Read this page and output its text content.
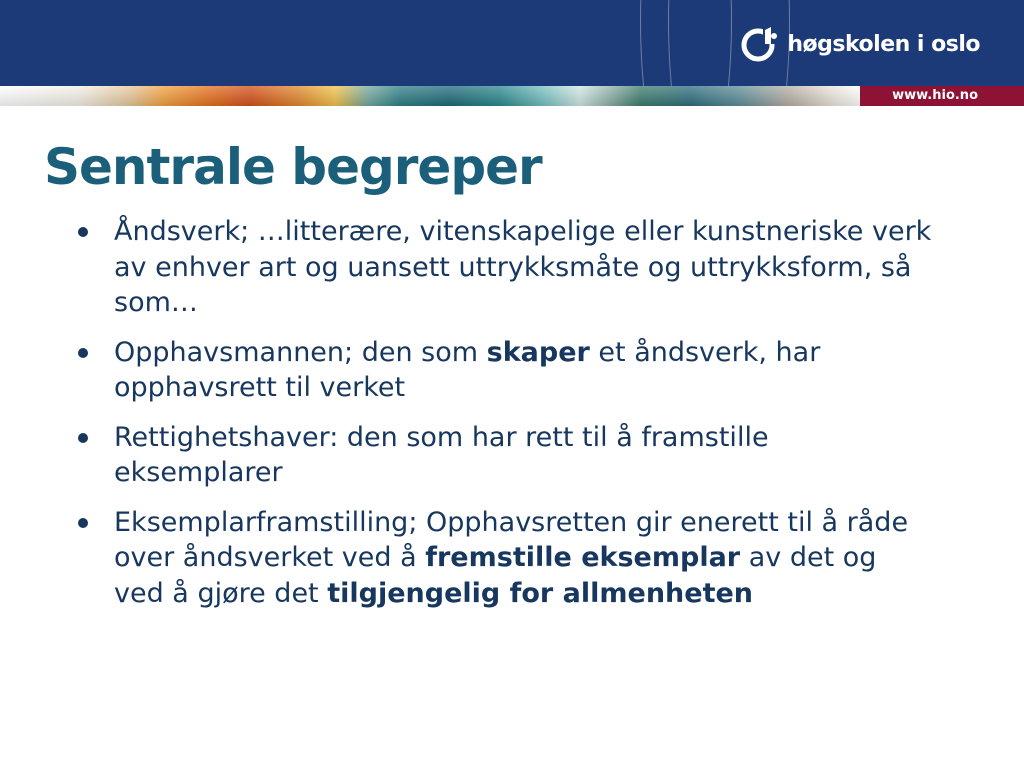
høgskolen i oslo
www.hio.no
Sentrale begreper
Åndsverk; …litterære, vitenskapelige eller kunstneriske verk av enhver art og uansett uttrykksmåte og uttrykksform, så som…
Opphavsmannen; den som skaper et åndsverk, har opphavsrett til verket
Rettighetshaver: den som har rett til å framstille eksemplarer
Eksemplarframstilling; Opphavsretten gir enerett til å råde over åndsverket ved å fremstille eksemplar av det og ved å gjøre det tilgjengelig for allmenheten
